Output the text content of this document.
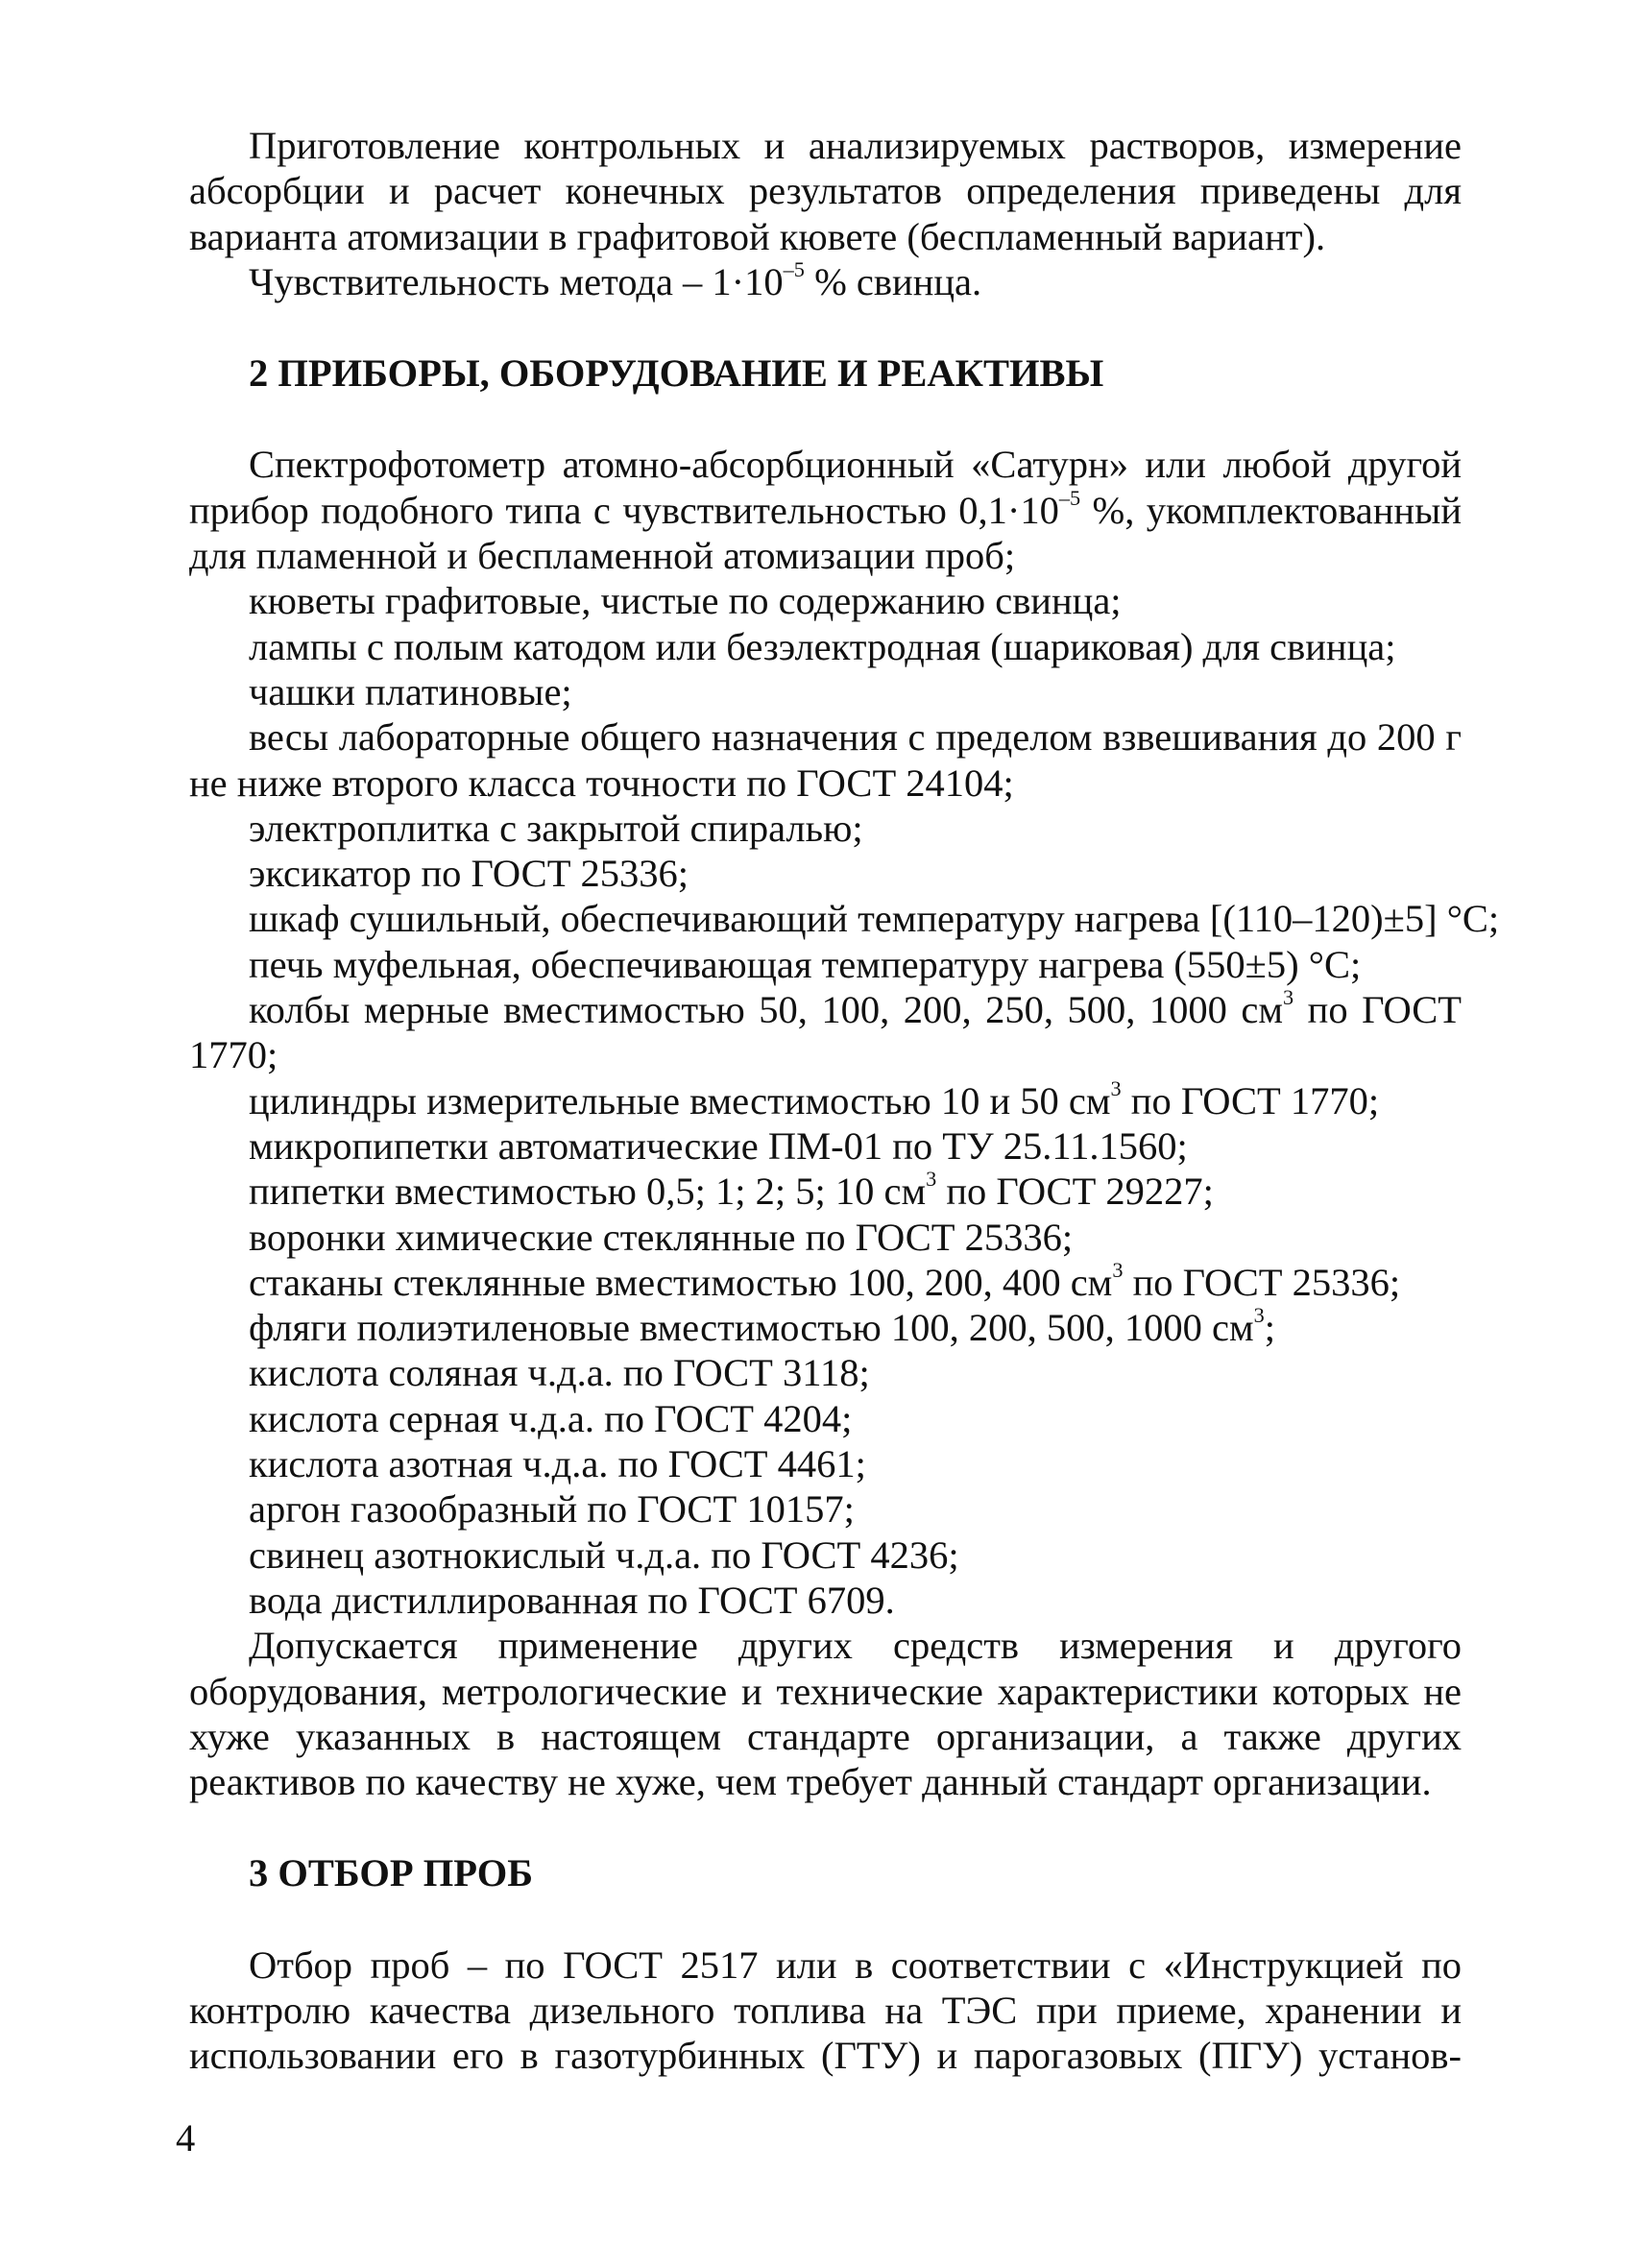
Приготовление контрольных и анализируемых растворов, измерение абсорбции и расчет конечных результатов определения приведены для варианта атомизации в графитовой кювете (беспламенный вариант).

Чувствительность метода – $1\cdot 10^{-5}$ % свинца.

2 ПРИБОРЫ, ОБОРУДОВАНИЕ И РЕАКТИВЫ

Спектрофотометр атомно-абсорбционный «Сатурн» или любой другой прибор подобного типа с чувствительностью $0,1\cdot 10^{-5}$ %, укомплектованный для пламенной и беспламенной атомизации проб;

кюветы графитовые, чистые по содержанию свинца;

лампы с полым катодом или безэлектродная (шариковая) для свинца;

чашки платиновые;

весы лабораторные общего назначения с пределом взвешивания до 200 г не ниже второго класса точности по ГОСТ 24104;

электроплитка с закрытой спиралью;

эксикатор по ГОСТ 25336;

шкаф сушильный, обеспечивающий температуру нагрева [(110–120)±5] °С;

печь муфельная, обеспечивающая температуру нагрева (550±5) °С;

колбы мерные вместимостью 50, 100, 200, 250, 500, 1000 $см^3$ по ГОСТ 1770;

цилиндры измерительные вместимостью 10 и 50 $см^3$ по ГОСТ 1770;

микропипетки автоматические ПМ-01 по ТУ 25.11.1560;

пипетки вместимостью 0,5; 1; 2; 5; 10 $см^3$ по ГОСТ 29227;

воронки химические стеклянные по ГОСТ 25336;

стаканы стеклянные вместимостью 100, 200, 400 $см^3$ по ГОСТ 25336;

фляги полиэтиленовые вместимостью 100, 200, 500, 1000 $см^3$;

кислота соляная ч.д.а. по ГОСТ 3118;

кислота серная ч.д.а. по ГОСТ 4204;

кислота азотная ч.д.а. по ГОСТ 4461;

аргон газообразный по ГОСТ 10157;

свинец азотнокислый ч.д.а. по ГОСТ 4236;

вода дистиллированная по ГОСТ 6709.

Допускается применение других средств измерения и другого оборудования, метрологические и технические характеристики которых не хуже указанных в настоящем стандарте организации, а также других реактивов по качеству не хуже, чем требует данный стандарт организации.

3 ОТБОР ПРОБ

Отбор проб – по ГОСТ 2517 или в соответствии с «Инструкцией по контролю качества дизельного топлива на ТЭС при приеме, хранении и использовании его в газотурбинных (ГТУ) и парогазовых (ПГУ) установ-

4
